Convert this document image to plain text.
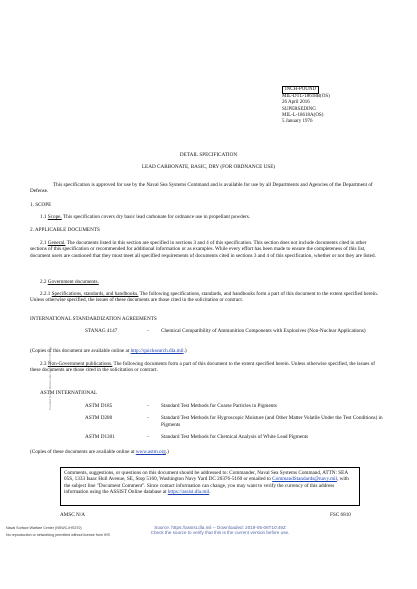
INCH-POUND
MIL-DTL-18618B(OS)
26 April 2016
SUPERSEDING
MIL-L-18618A(OS)
5 January 1976
DETAIL SPECIFICATION
LEAD CARBONATE, BASIC, DRY (FOR ORDNANCE USE)
This specification is approved for use by the Naval Sea Systems Command and is available for use by all Departments and Agencies of the Department of Defense.
1. SCOPE
1.1 Scope. This specification covers dry basic lead carbonate for ordnance use in propellant powders.
2. APPLICABLE DOCUMENTS
2.1 General. The documents listed in this section are specified in sections 3 and 4 of this specification. This section does not include documents cited in other sections of this specification or recommended for additional information or as examples. While every effort has been made to ensure the completeness of this list, document users are cautioned that they must meet all specified requirements of documents cited in sections 3 and 4 of this specification, whether or not they are listed.
2.2 Government documents.
2.2.1 Specifications, standards, and handbooks. The following specifications, standards, and handbooks form a part of this document to the extent specified herein. Unless otherwise specified, the issues of these documents are those cited in the solicitation or contract.
INTERNATIONAL STANDARDIZATION AGREEMENTS
STANAG 4147	-	Chemical Compatibility of Ammunition Components with Explosives (Non-Nuclear Applications)
(Copies of this document are available online at http://quicksearch.dla.mil.)
2.3 Non-Government publications. The following documents form a part of this document to the extent specified herein. Unless otherwise specified, the issues of these documents are those cited in the solicitation or contract.
ASTM INTERNATIONAL
ASTM D185	-	Standard Test Methods for Coarse Particles in Pigments
ASTM D280	-	Standard Test Methods for Hygroscopic Moisture (and Other Matter Volatile Under the Test Conditions) in Pigments
ASTM D1301	-	Standard Test Methods for Chemical Analysis of White Lead Pigments
(Copies of these documents are available online at www.astm.org.)
Comments, suggestions, or questions on this document should be addressed to: Commander, Naval Sea Systems Command, ATTN: SEA 05S, 1333 Isaac Hull Avenue, SE, Stop 5160, Washington Navy Yard DC 20376-5160 or emailed to CommandStandards@navy.mil, with the subject line "Document Comment". Since contact information can change, you may want to verify the currency of this address information using the ASSIST Online database at https://assist.dla.mil.
AMSC N/A	FSC 6810
Source: https://assist.dla.mil -- Downloaded: 2019-05-06T10:49Z
Check the source to verify that this is the current version before use.
Provided by IHS Markit under license with US Navy
Naval Surface Warfare Center (NSWC-IHS370)
No reproduction or networking permitted without license from IHS
